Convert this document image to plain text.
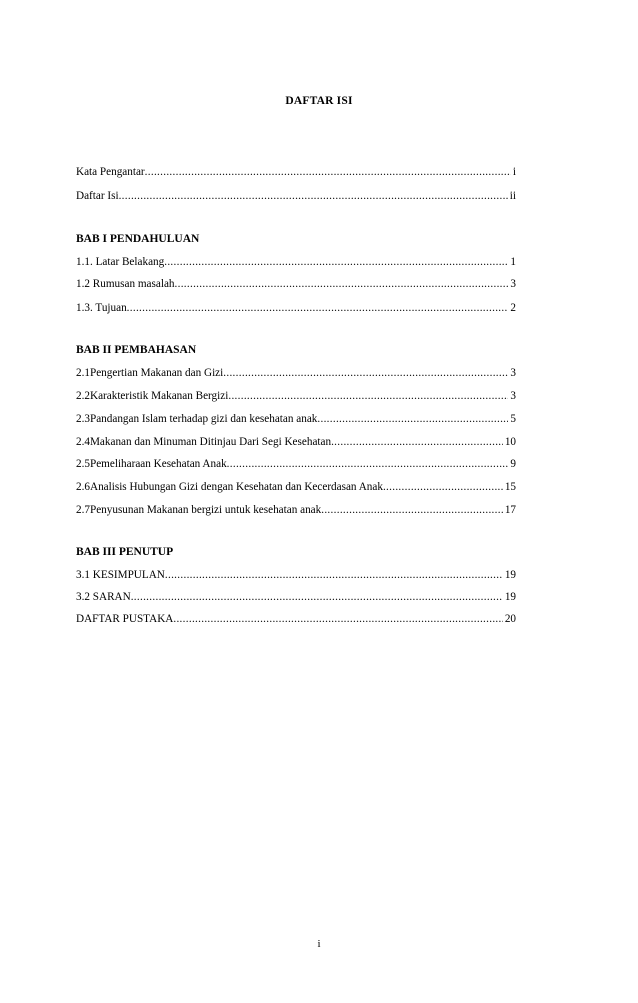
DAFTAR ISI
Kata Pengantar .....	i
Daftar Isi .....	ii
BAB I PENDAHULUAN
1.1. Latar Belakang .....	1
1.2 Rumusan masalah .....	3
1.3. Tujuan .....	2
BAB II PEMBAHASAN
2.1 Pengertian Makanan dan Gizi .....	3
2.2 Karakteristik Makanan Bergizi .....	3
2.3 Pandangan Islam terhadap gizi dan kesehatan anak .....	5
2.4 Makanan dan Minuman Ditinjau Dari Segi Kesehatan .....	10
2.5 Pemeliharaan Kesehatan Anak .....	9
2.6 Analisis Hubungan Gizi dengan Kesehatan dan Kecerdasan Anak .....	15
2.7 Penyusunan Makanan bergizi untuk kesehatan anak .....	17
BAB III PENUTUP
3.1 KESIMPULAN .....	19
3.2 SARAN .....	19
DAFTAR PUSTAKA .....	20
i
